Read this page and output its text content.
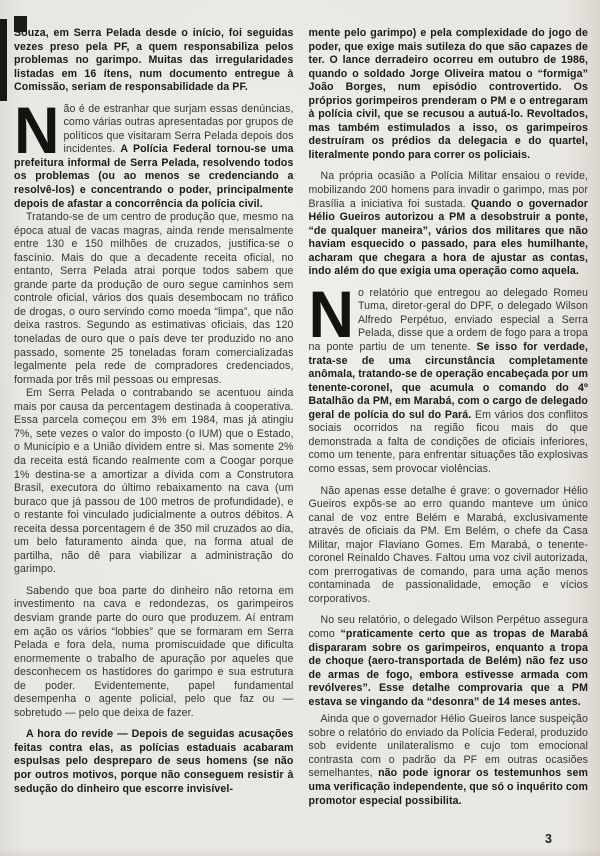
Souza, em Serra Pelada desde o início, foi seguidas vezes preso pela PF, a quem responsabiliza pelos problemas no garimpo. Muitas das irregularidades listadas em 16 ítens, num documento entregue à Comissão, seriam de responsabilidade da PF.

Não é de estranhar que surjam essas denúncias, como várias outras apresentadas por grupos de políticos que visitaram Serra Pelada depois dos incidentes. A Polícia Federal tornou-se uma prefeitura informal de Serra Pelada, resolvendo todos os problemas (ou ao menos se credenciando a resolvê-los) e concentrando o poder, principalmente depois de afastar a concorrência da polícia civil.

Tratando-se de um centro de produção que, mesmo na época atual de vacas magras, ainda rende mensalmente entre 130 e 150 milhões de cruzados, justifica-se o fascínio. Mais do que a decadente receita oficial, no entanto, Serra Pelada atrai porque todos sabem que grande parte da produção de ouro segue caminhos sem controle oficial, vários dos quais desembocam no tráfico de drogas, o ouro servindo como moeda “limpa”, que não deixa rastros. Segundo as estimativas oficiais, das 120 toneladas de ouro que o país deve ter produzido no ano passado, somente 25 toneladas foram comercializadas legalmente pela rede de compradores credenciados, formada por três mil pessoas ou empresas.

Em Serra Pelada o contrabando se acentuou ainda mais por causa da percentagem destinada à cooperativa. Essa parcela começou em 3% em 1984, mas já atingiu 7%, sete vezes o valor do imposto (o IUM) que o Estado, o Município e a União dividem entre si. Mas somente 2% da receita está ficando realmente com a Coogar porque 1% destina-se a amortizar a dívida com a Construtora Brasil, executora do último rebaixamento na cava (um buraco que já passou de 100 metros de profundidade), e o restante foi vinculado judicialmente a outros débitos. A receita dessa porcentagem é de 350 mil cruzados ao dia, um belo faturamento ainda que, na forma atual de partilha, não dê para viabilizar a administração do garimpo.

Sabendo que boa parte do dinheiro não retorna em investimento na cava e redondezas, os garimpeiros desviam grande parte do ouro que produzem. Aí entram em ação os vários “lobbies” que se formaram em Serra Pelada e fora dela, numa promiscuidade que dificulta enormemente o trabalho de apuração por aqueles que desconhecem os hastidores do garimpo e sua estrutura de poder. Evidentemente, papel fundamental desempenha o agente policial, pelo que faz ou — sobretudo — pelo que deixa de fazer.

A hora do revide — Depois de seguidas acusações feitas contra elas, as polícias estaduais acabaram espulsas pelo despreparo de seus homens (se não por outros motivos, porque não conseguem resistir à sedução do dinheiro que escorre invisível-

mente pelo garimpo) e pela complexidade do jogo de poder, que exige mais sutileza do que são capazes de ter. O lance derradeiro ocorreu em outubro de 1986, quando o soldado Jorge Oliveira matou o “formiga” João Borges, num episódio controvertido. Os próprios gorimpeiros prenderam o PM e o entregaram à polícia civil, que se recusou a autuá-lo. Revoltados, mas também estimulados a isso, os garimpeiros destruíram os prédios da delegacia e do quartel, literalmente pondo para correr os policiais.

Na própria ocasião a Polícia Militar ensaiou o revide, mobilizando 200 homens para invadir o garimpo, mas por Brasília a iniciativa foi sustada. Quando o governador Hélio Gueiros autorizou a PM a desobstruir a ponte, “de qualquer maneira”, vários dos militares que não haviam esquecido o passado, para eles humilhante, acharam que chegara a hora de ajustar as contas, indo além do que exigia uma operação como aquela.

No relatório que entregou ao delegado Romeu Tuma, diretor-geral do DPF, o delegado Wilson Alfredo Perpétuo, enviado especial a Serra Pelada, disse que a ordem de fogo para a tropa na ponte partiu de um tenente. Se isso for verdade, trata-se de uma circunstância completamente anômala, tratando-se de operação encabeçada por um tenente-coronel, que acumula o comando do 4º Batalhão da PM, em Marabá, com o cargo de delegado geral de polícia do sul do Pará. Em vários dos conflitos sociais ocorridos na região ficou mais do que demonstrada a falta de condições de oficiais inferiores, como um tenente, para enfrentar situações tão explosivas como essas, sem provocar violências.

Não apenas esse detalhe é grave: o governador Hélio Gueiros expôs-se ao erro quando manteve um único canal de voz entre Belém e Marabá, exclusivamente através de oficiais da PM. Em Belém, o chefe da Casa Militar, major Flaviano Gomes. Em Marabá, o tenente-coronel Reinaldo Chaves. Faltou uma voz civil autorizada, com prerrogativas de comando, para uma ação menos contaminada de passionalidade, emoção e vícios corporativos.

No seu relatório, o delegado Wilson Perpétuo assegura como “praticamente certo que as tropas de Marabá dispararam sobre os garimpeiros, enquanto a tropa de choque (aero-transportada de Belém) não fez uso de armas de fogo, embora estivesse armada com revólveres”. Esse detalhe comprovaria que a PM estava se vingando da “desonra” de 14 meses antes.

Ainda que o governador Hélio Gueiros lance suspeição sobre o relatório do enviado da Polícia Federal, produzido sob evidente unilateralismo e cujo tom emocional contrasta com o padrão da PF em outras ocasiões semelhantes, não pode ignorar os testemunhos sem uma verificação independente, que só o inquérito com promotor especial possibilita.

3
